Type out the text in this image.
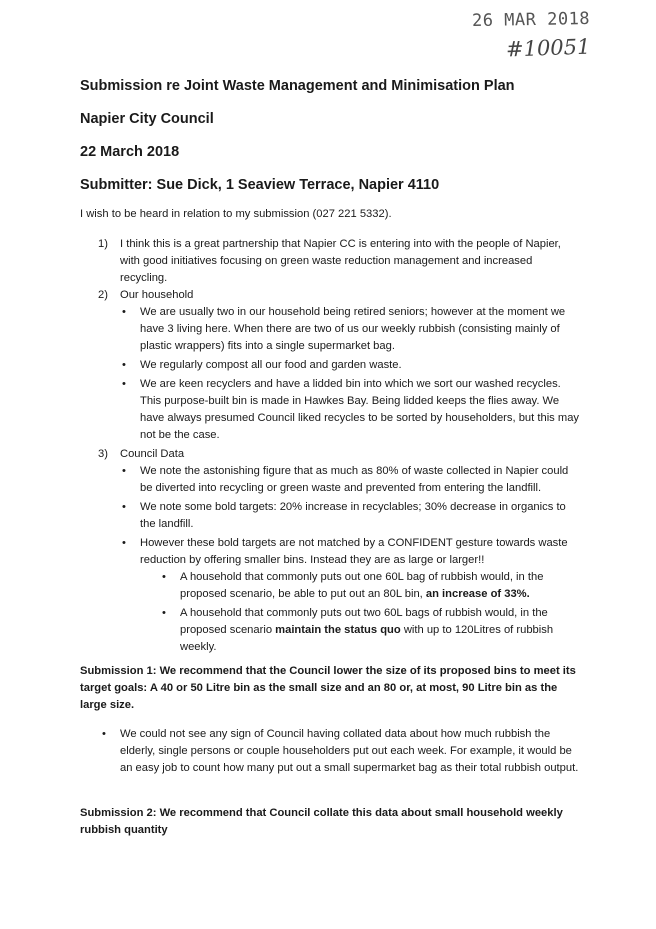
26 MAR 2018
#10051
Submission re Joint Waste Management and Minimisation Plan
Napier City Council
22 March 2018
Submitter: Sue Dick, 1 Seaview Terrace, Napier 4110
I wish to be heard in relation to my submission (027 221 5332).
1) I think this is a great partnership that Napier CC is entering into with the people of Napier, with good initiatives focusing on green waste reduction management and increased recycling.
2) Our household
• We are usually two in our household being retired seniors; however at the moment we have 3 living here. When there are two of us our weekly rubbish (consisting mainly of plastic wrappers) fits into a single supermarket bag.
• We regularly compost all our food and garden waste.
• We are keen recyclers and have a lidded bin into which we sort our washed recycles. This purpose-built bin is made in Hawkes Bay. Being lidded keeps the flies away. We have always presumed Council liked recycles to be sorted by householders, but this may not be the case.
3) Council Data
• We note the astonishing figure that as much as 80% of waste collected in Napier could be diverted into recycling or green waste and prevented from entering the landfill.
• We note some bold targets: 20% increase in recyclables; 30% decrease in organics to the landfill.
• However these bold targets are not matched by a CONFIDENT gesture towards waste reduction by offering smaller bins. Instead they are as large or larger!!
• A household that commonly puts out one 60L bag of rubbish would, in the proposed scenario, be able to put out an 80L bin, an increase of 33%.
• A household that commonly puts out two 60L bags of rubbish would, in the proposed scenario maintain the status quo with up to 120Litres of rubbish weekly.
Submission 1: We recommend that the Council lower the size of its proposed bins to meet its target goals: A 40 or 50 Litre bin as the small size and an 80 or, at most, 90 Litre bin as the large size.
• We could not see any sign of Council having collated data about how much rubbish the elderly, single persons or couple householders put out each week. For example, it would be an easy job to count how many put out a small supermarket bag as their total rubbish output.
Submission 2: We recommend that Council collate this data about small household weekly rubbish quantity
